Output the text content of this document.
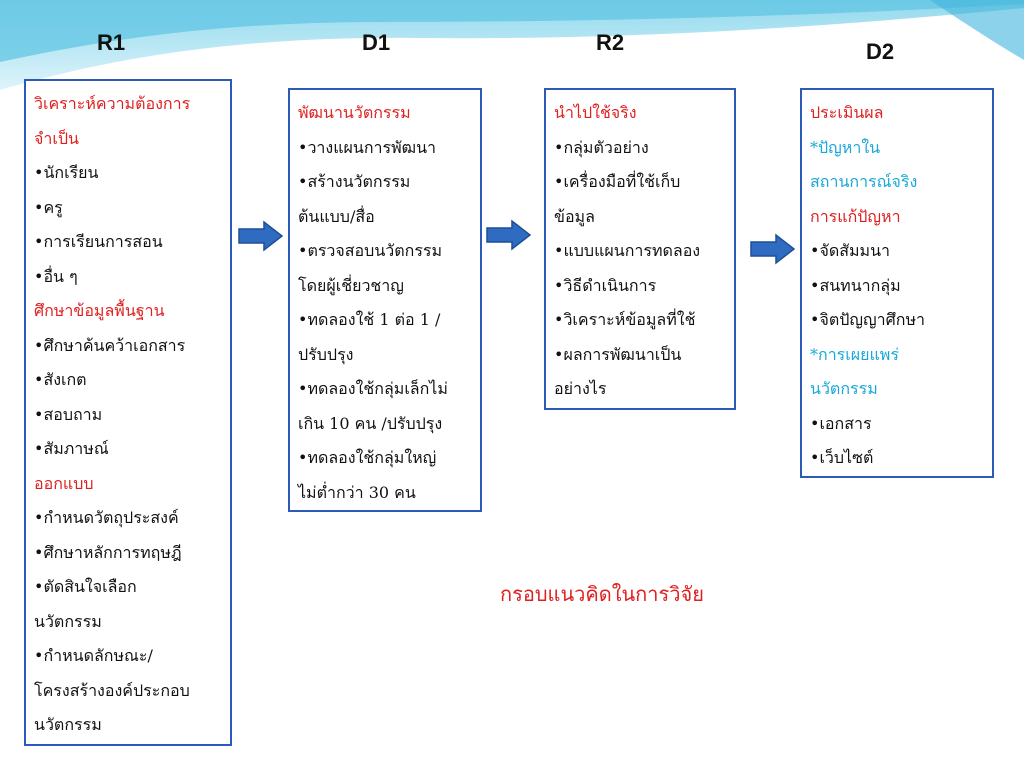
R1	D1	R2	D2
วิเคราะห์ความต้องการ
จำเป็น
•นักเรียน
•ครู
•การเรียนการสอน
•อื่น ๆ
ศึกษาข้อมูลพื้นฐาน
•ศึกษาค้นคว้าเอกสาร
•สังเกต
•สอบถาม
•สัมภาษณ์
ออกแบบ
•กำหนดวัตถุประสงค์
•ศึกษาหลักการทฤษฎี
•ตัดสินใจเลือก
นวัตกรรม
•กำหนดลักษณะ/
โครงสร้างองค์ประกอบ
นวัตกรรม
พัฒนานวัตกรรม
•วางแผนการพัฒนา
•สร้างนวัตกรรม
ต้นแบบ/สื่อ
•ตรวจสอบนวัตกรรม
โดยผู้เชี่ยวชาญ
•ทดลองใช้ 1 ต่อ 1 /
ปรับปรุง
•ทดลองใช้กลุ่มเล็กไม่
เกิน 10 คน /ปรับปรุง
•ทดลองใช้กลุ่มใหญ่
ไม่ต่ำกว่า 30 คน
นำไปใช้จริง
•กลุ่มตัวอย่าง
•เครื่องมือที่ใช้เก็บ
ข้อมูล
•แบบแผนการทดลอง
•วิธีดำเนินการ
•วิเคราะห์ข้อมูลที่ใช้
•ผลการพัฒนาเป็น
อย่างไร
ประเมินผล
*ปัญหาใน
สถานการณ์จริง
การแก้ปัญหา
•จัดสัมมนา
•สนทนากลุ่ม
•จิตปัญญาศึกษา
*การเผยแพร่
นวัตกรรม
•เอกสาร
•เว็บไซต์
กรอบแนวคิดในการวิจัย
